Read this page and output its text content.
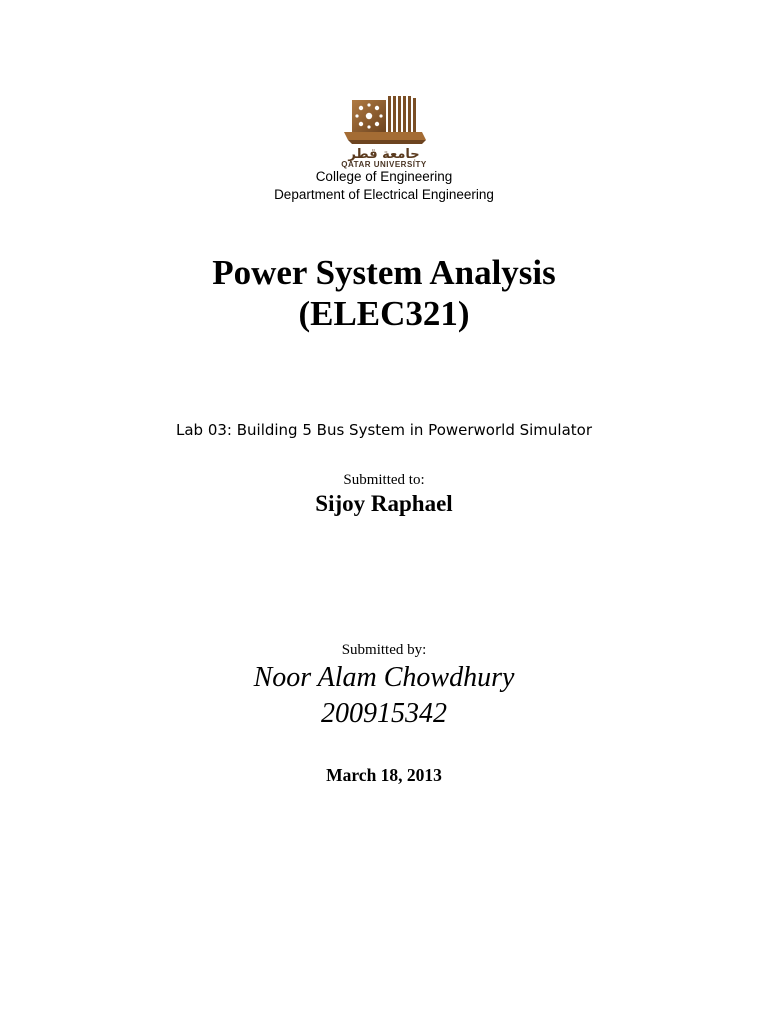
جامعة قطر
QATAR UNIVERSITY
College of Engineering
Department of Electrical Engineering
Power System Analysis
(ELEC321)
Lab 03: Building 5 Bus System in Powerworld Simulator
Submitted to:
Sijoy Raphael
Submitted by:
Noor Alam Chowdhury
200915342
March 18, 2013
